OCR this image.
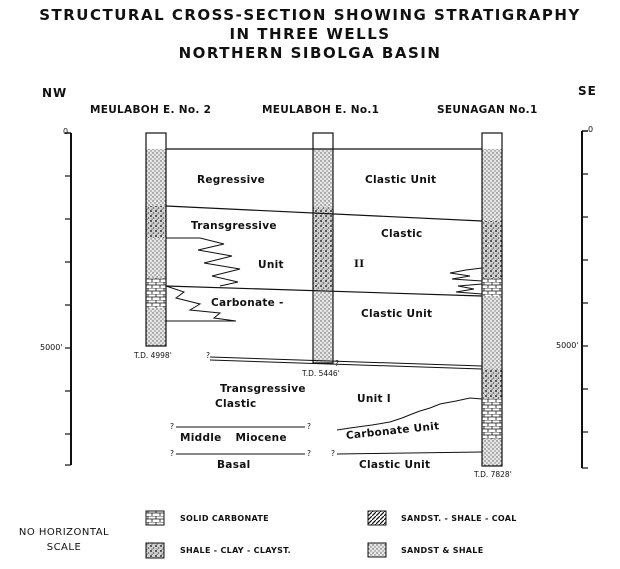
STRUCTURAL CROSS-SECTION SHOWING STRATIGRAPHY
IN THREE WELLS
NORTHERN SIBOLGA BASIN
NW	SE
MEULABOH E. No. 2	MEULABOH E. No.1	SEUNAGAN No.1
0
5000'
0
5000'
T.D. 4998'
T.D. 5446'
T.D. 7828'
Regressive	Clastic Unit
Transgressive
Clastic
Unit	II
Carbonate -
Clastic Unit
Transgressive
Clastic	Unit I
Middle Miocene	Carbonate Unit
Basal	Clastic Unit
?
?
?	?
?	?	?
NO HORIZONTAL SCALE
SOLID CARBONATE
SHALE - CLAY - CLAYST.
SANDST. - SHALE - COAL
SANDST & SHALE
